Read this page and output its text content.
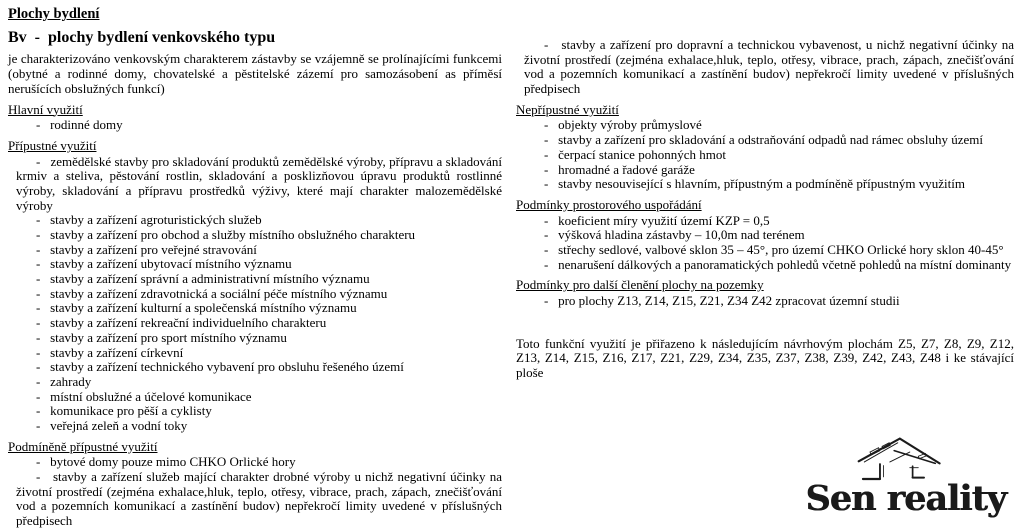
Plochy bydlení
Bv  -  plochy bydlení venkovského typu

je charakterizováno venkovským charakterem zástavby se vzájemně se prolínajícími funkcemi (obytné a rodinné domy, chovatelské a pěstitelské zázemí pro samozásobení as příměsí nerušících obslužných funkcí)

Hlavní využití
-   rodinné domy
Přípustné využití
-   zemědělské stavby pro skladování produktů zemědělské výroby, přípravu a skladování krmiv a steliva, pěstování rostlin, skladování a posklizňovou úpravu produktů rostlinné výroby, skladování a přípravu prostředků výživy, které mají charakter malozemědělské výroby
-   stavby a zařízení agroturistických služeb
-   stavby a zařízení pro obchod a služby místního obslužného charakteru
-   stavby a zařízení pro veřejné stravování
-   stavby a zařízení ubytovací místního významu
-   stavby a zařízení správní a administrativní místního významu
-   stavby a zařízení zdravotnická a sociální péče místního významu
-   stavby a zařízení kulturní a společenská místního významu
-   stavby a zařízení rekreační individuelního charakteru
-   stavby a zařízení pro sport místního významu
-   stavby a zařízení církevní
-   stavby a zařízení technického vybavení pro obsluhu řešeného území
-   zahrady
-   místní obslužné a účelové komunikace
-   komunikace pro pěší a cyklisty
-   veřejná zeleň a vodní toky
Podmíněně přípustné využití
-   bytové domy pouze mimo CHKO Orlické hory
-   stavby a zařízení služeb mající charakter drobné výroby u nichž negativní účinky na životní prostředí (zejména exhalace,hluk, teplo, otřesy, vibrace, prach, zápach, znečišťování vod a pozemních komunikací a zastínění budov) nepřekročí limity uvedené v příslušných předpisech
-   stavby a zařízení pro dopravní a technickou vybavenost, u nichž negativní účinky na životní prostředí (zejména exhalace,hluk, teplo, otřesy, vibrace, prach, zápach, znečišťování vod a pozemních komunikací a zastínění budov) nepřekročí limity uvedené v příslušných předpisech
Nepřípustné využití
-   objekty výroby průmyslové
-   stavby a zařízení pro skladování a odstraňování odpadů nad rámec obsluhy území
-   čerpací stanice pohonných hmot
-   hromadné a řadové garáže
-   stavby nesouvisející s hlavním, přípustným a podmíněně přípustným využitím
Podmínky prostorového uspořádání
-   koeficient míry využití území KZP = 0,5
-   výšková hladina zástavby – 10,0m nad terénem
-   střechy sedlové, valbové sklon 35 – 45°, pro území CHKO Orlické hory sklon 40-45°
-   nenarušení dálkových a panoramatických pohledů včetně pohledů na místní dominanty
Podmínky pro další členění plochy na pozemky
-   pro plochy Z13, Z14, Z15, Z21, Z34 Z42 zpracovat územní studii

Toto funkční využití je přiřazeno k následujícím návrhovým plochám Z5, Z7, Z8, Z9, Z12, Z13, Z14, Z15, Z16, Z17, Z21, Z29, Z34, Z35, Z37, Z38, Z39, Z42, Z43, Z48 i ke stávající ploše

Sen reality
